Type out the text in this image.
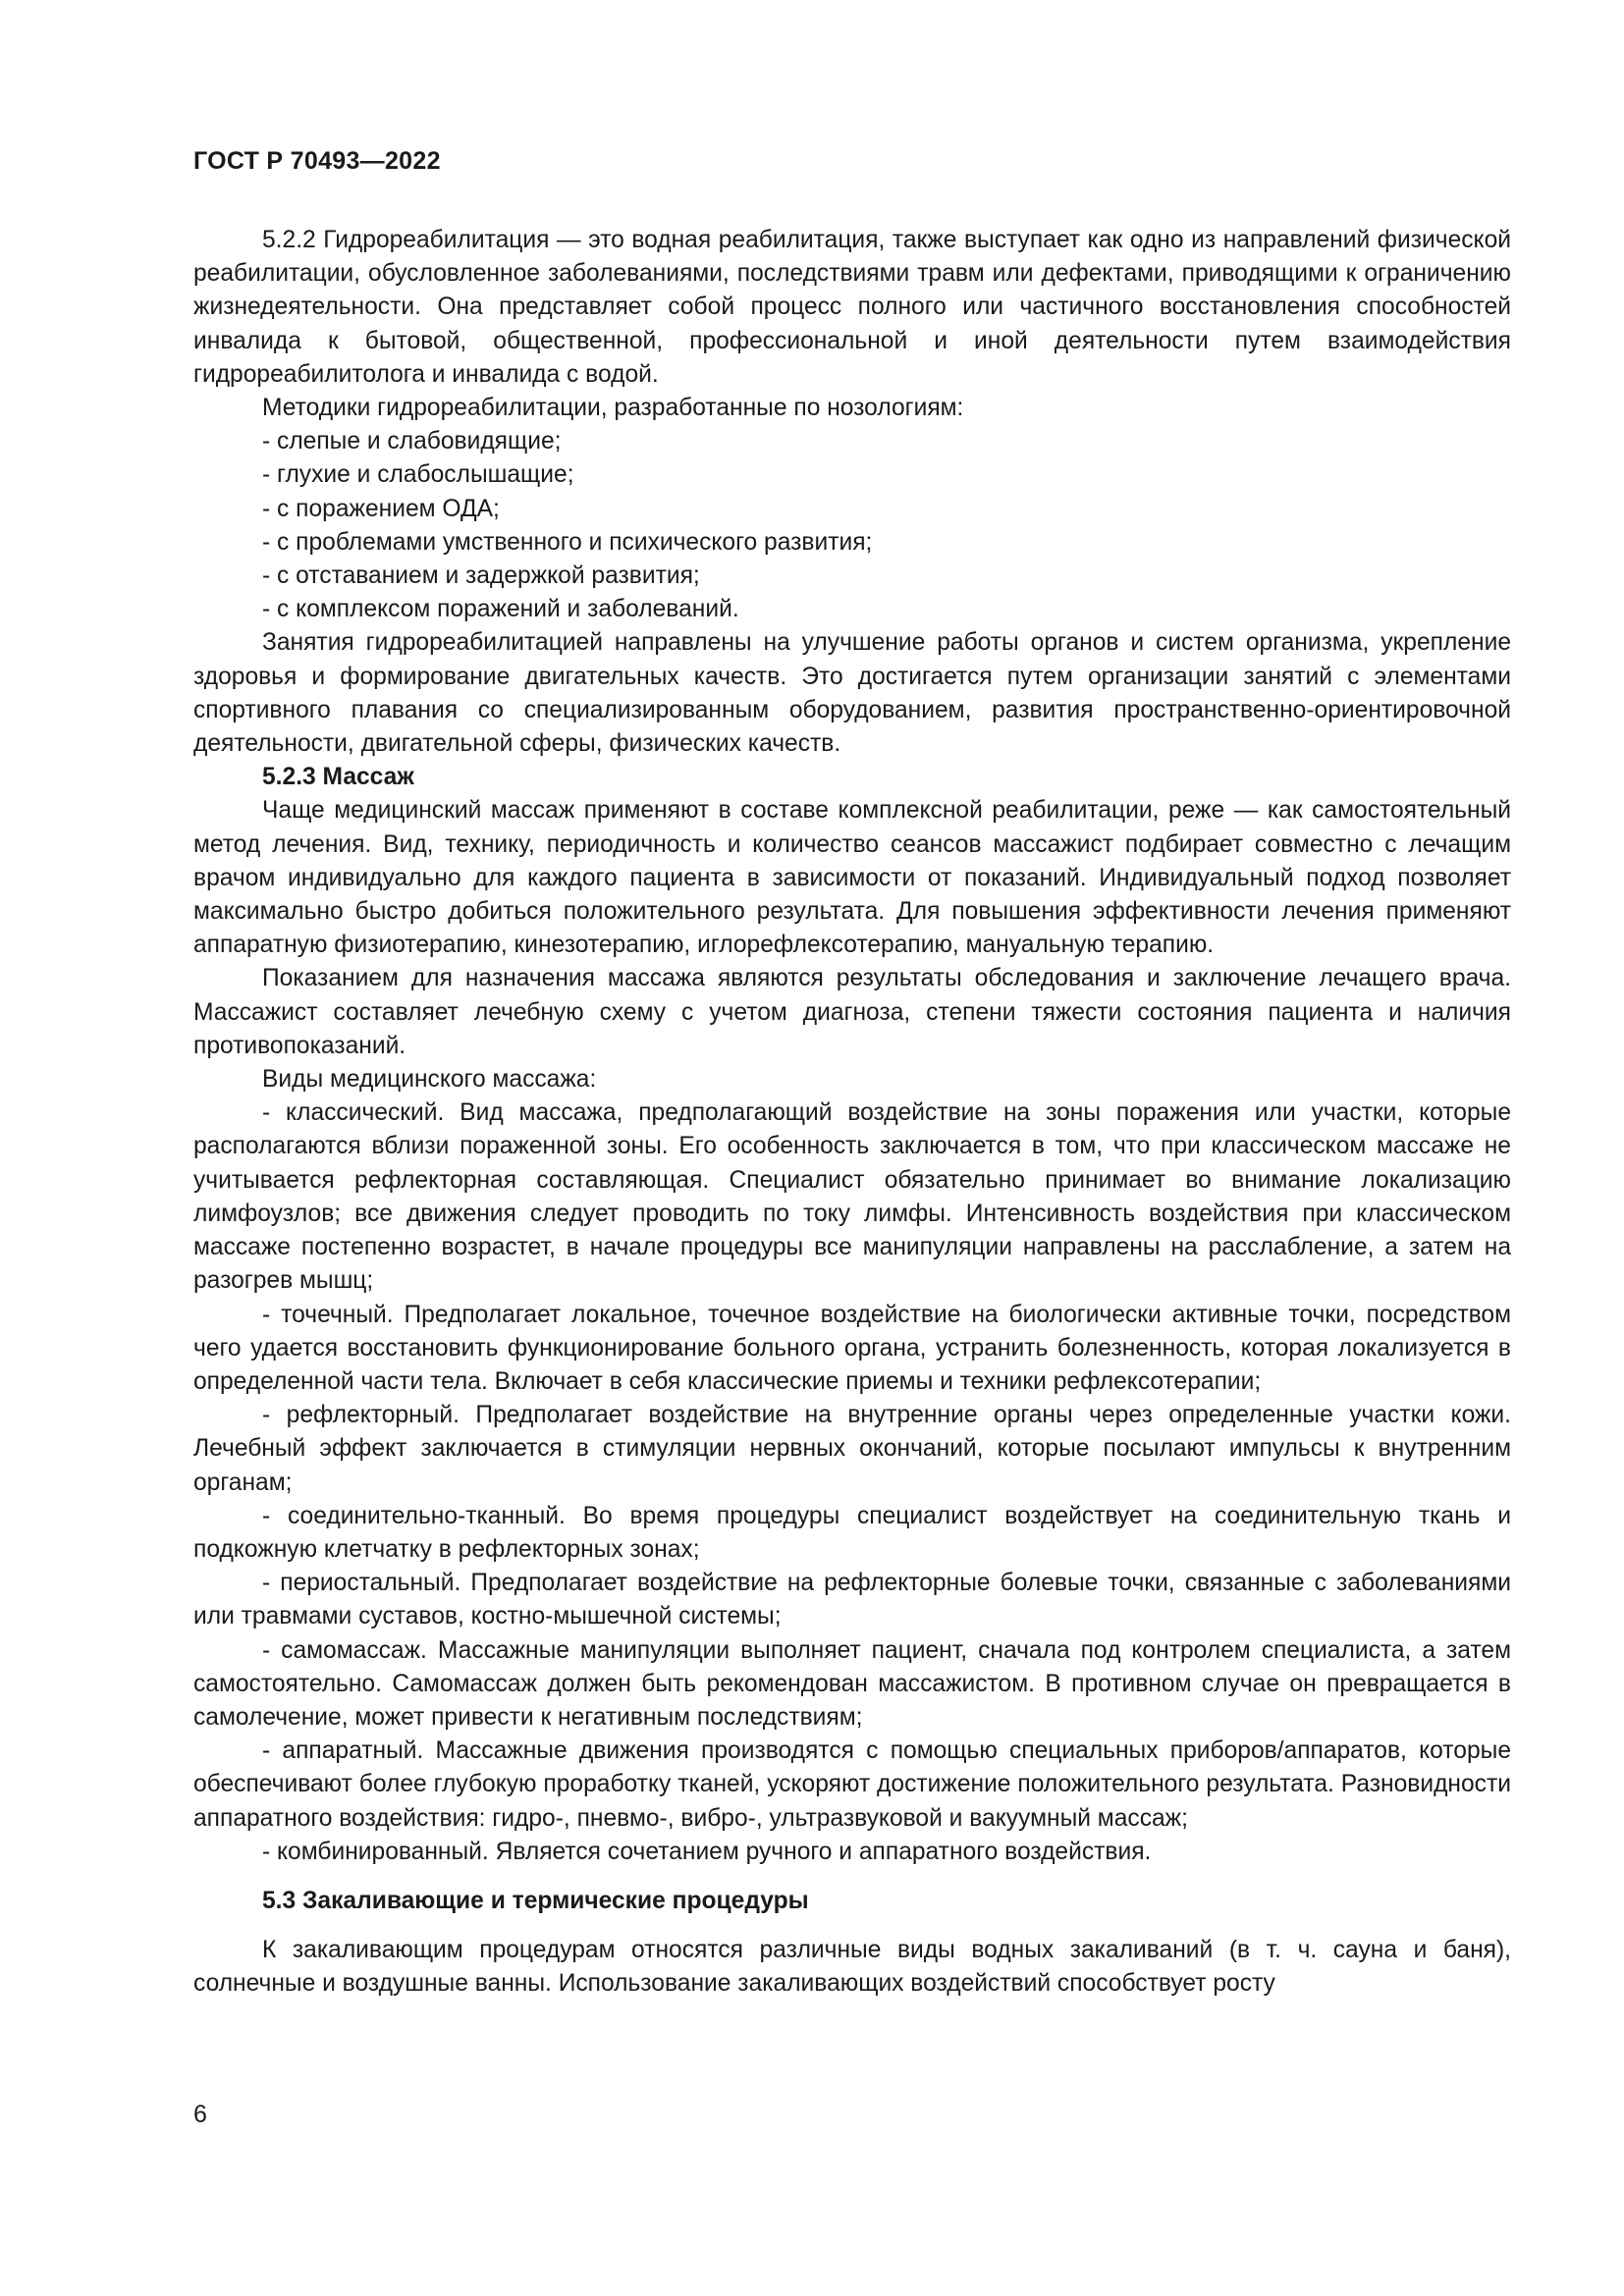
ГОСТ Р 70493—2022

5.2.2 Гидрореабилитация — это водная реабилитация, также выступает как одно из направлений физической реабилитации, обусловленное заболеваниями, последствиями травм или дефектами, приводящими к ограничению жизнедеятельности. Она представляет собой процесс полного или частичного восстановления способностей инвалида к бытовой, общественной, профессиональной и иной деятельности путем взаимодействия гидрореабилитолога и инвалида с водой.

Методики гидрореабилитации, разработанные по нозологиям:

- слепые и слабовидящие;

- глухие и слабослышащие;

- с поражением ОДА;

- с проблемами умственного и психического развития;

- с отставанием и задержкой развития;

- с комплексом поражений и заболеваний.

Занятия гидрореабилитацией направлены на улучшение работы органов и систем организма, укрепление здоровья и формирование двигательных качеств. Это достигается путем организации занятий с элементами спортивного плавания со специализированным оборудованием, развития пространственно-ориентировочной деятельности, двигательной сферы, физических качеств.

5.2.3 Массаж

Чаще медицинский массаж применяют в составе комплексной реабилитации, реже — как самостоятельный метод лечения. Вид, технику, периодичность и количество сеансов массажист подбирает совместно с лечащим врачом индивидуально для каждого пациента в зависимости от показаний. Индивидуальный подход позволяет максимально быстро добиться положительного результата. Для повышения эффективности лечения применяют аппаратную физиотерапию, кинезотерапию, иглорефлексотерапию, мануальную терапию.

Показанием для назначения массажа являются результаты обследования и заключение лечащего врача. Массажист составляет лечебную схему с учетом диагноза, степени тяжести состояния пациента и наличия противопоказаний.

Виды медицинского массажа:

- классический. Вид массажа, предполагающий воздействие на зоны поражения или участки, которые располагаются вблизи пораженной зоны. Его особенность заключается в том, что при классическом массаже не учитывается рефлекторная составляющая. Специалист обязательно принимает во внимание локализацию лимфоузлов; все движения следует проводить по току лимфы. Интенсивность воздействия при классическом массаже постепенно возрастет, в начале процедуры все манипуляции направлены на расслабление, а затем на разогрев мышц;

- точечный. Предполагает локальное, точечное воздействие на биологически активные точки, посредством чего удается восстановить функционирование больного органа, устранить болезненность, которая локализуется в определенной части тела. Включает в себя классические приемы и техники рефлексотерапии;

- рефлекторный. Предполагает воздействие на внутренние органы через определенные участки кожи. Лечебный эффект заключается в стимуляции нервных окончаний, которые посылают импульсы к внутренним органам;

- соединительно-тканный. Во время процедуры специалист воздействует на соединительную ткань и подкожную клетчатку в рефлекторных зонах;

- периостальный. Предполагает воздействие на рефлекторные болевые точки, связанные с заболеваниями или травмами суставов, костно-мышечной системы;

- самомассаж. Массажные манипуляции выполняет пациент, сначала под контролем специалиста, а затем самостоятельно. Самомассаж должен быть рекомендован массажистом. В противном случае он превращается в самолечение, может привести к негативным последствиям;

- аппаратный. Массажные движения производятся с помощью специальных приборов/аппаратов, которые обеспечивают более глубокую проработку тканей, ускоряют достижение положительного результата. Разновидности аппаратного воздействия: гидро-, пневмо-, вибро-, ультразвуковой и вакуумный массаж;

- комбинированный. Является сочетанием ручного и аппаратного воздействия.

5.3 Закаливающие и термические процедуры

К закаливающим процедурам относятся различные виды водных закаливаний (в т. ч. сауна и баня), солнечные и воздушные ванны. Использование закаливающих воздействий способствует росту

6
